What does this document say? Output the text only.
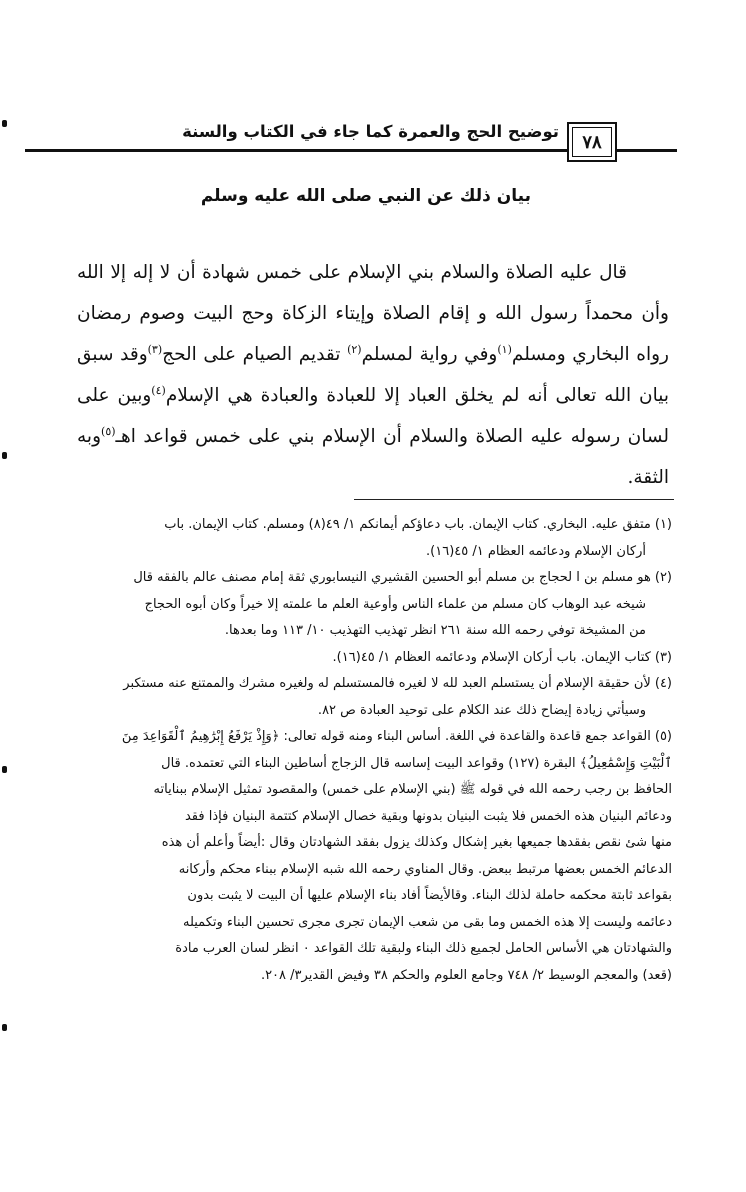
٧٨
توضيح الحج والعمرة كما جاء في الكتاب والسنة
بيان ذلك عن النبي صلى الله عليه وسلم

قال عليه الصلاة والسلام بني الإسلام على خمس شهادة أن لا إله إلا الله وأن محمداً رسول الله و إقام الصلاة وإيتاء الزكاة وحج البيت وصوم رمضان رواه البخاري ومسلم$^{(١)}$وفي رواية لمسلم$^{(٢)}$ تقديم الصيام على الحج$^{(٣)}$وقد سبق بيان الله تعالى أنه لم يخلق العباد إلا للعبادة والعبادة هي الإسلام$^{(٤)}$وبين على لسان رسوله عليه الصلاة والسلام أن الإسلام بني على خمس قواعد اهـ$^{(٥)}$وبه الثقة.

(١)متفق عليه. البخاري. كتاب الإيمان. باب دعاؤكم أيمانكم ١/ ٤٩(٨) ومسلم. كتاب الإيمان. باب
أركان الإسلام ودعائمه العظام ١/ ٤٥(١٦).

(٢)هو مسلم بن ا لحجاج بن مسلم أبو الحسين القشيري النيسابوري ثقة إمام مصنف عالم بالفقه قال
شيخه عبد الوهاب كان مسلم من علماء الناس وأوعية العلم ما علمته إلا خيراً وكان أبوه الحجاج
من المشيخة توفي رحمه الله سنة ٢٦١ انظر تهذيب التهذيب ١٠/ ١١٣ وما بعدها.

(٣)كتاب الإيمان. باب أركان الإسلام ودعائمه العظام ١/ ٤٥(١٦).

(٤)لأن حقيقة الإسلام أن يستسلم العبد لله لا لغيره فالمستسلم له ولغيره مشرك والممتنع عنه مستكبر
وسيأتي زيادة إيضاح ذلك عند الكلام على توحيد العبادة ص ٨٢.

(٥)القواعد جمع قاعدة والقاعدة في اللغة. أساس البناء ومنه قوله تعالى: ﴿وَإِذْ يَرْفَعُ إِبْرَٰهِيمُ ٱلْقَوَاعِدَ مِنَ
ٱلْبَيْتِ وَإِسْمَٰعِيلُ﴾ البقرة (١٢٧) وقواعد البيت إساسه قال الزجاج أساطين البناء التي تعتمده. قال
الحافظ بن رجب رحمه الله في قوله ﷺ (بني الإسلام على خمس) والمقصود تمثيل الإسلام ببناياته
ودعائم البنيان هذه الخمس فلا يثبت البنيان بدونها وبقية خصال الإسلام كتتمة البنيان فإذا فقد
منها شئ نقص بفقدها جميعها بغير إشكال وكذلك يزول بفقد الشهادتان وقال :أيضاً وأعلم أن هذه
الدعائم الخمس بعضها مرتبط ببعض. وقال المناوي رحمه الله شبه الإسلام ببناء محكم وأركانه
بقواعد ثابتة محكمه حاملة لذلك البناء. وقالأيضاً أفاد بناء الإسلام عليها أن البيت لا يثبت بدون
دعائمه وليست إلا هذه الخمس وما بقى من شعب الإيمان تجرى مجرى تحسين البناء وتكميله
والشهادتان هي الأساس الحامل لجميع ذلك البناء ولبقية تلك القواعد ٠ انظر لسان العرب مادة
(قعد) والمعجم الوسيط ٢/ ٧٤٨ وجامع العلوم والحكم ٣٨ وفيض القدير٣/ ٢٠٨.
